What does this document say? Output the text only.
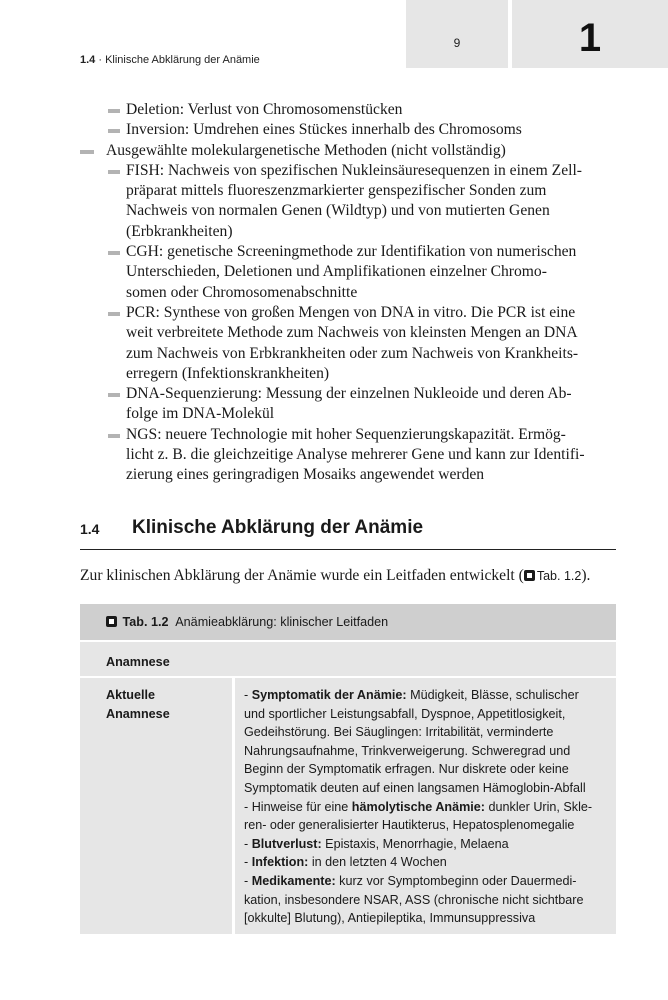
9	1
1.4 · Klinische Abklärung der Anämie
Deletion: Verlust von Chromosomenstücken
Inversion: Umdrehen eines Stückes innerhalb des Chromosoms
Ausgewählte molekulargenetische Methoden (nicht vollständig)
FISH: Nachweis von spezifischen Nukleinsäuresequenzen in einem Zell-
präparat mittels fluoreszenzmarkierter genspezifischer Sonden zum
Nachweis von normalen Genen (Wildtyp) und von mutierten Genen
(Erbkrankheiten)
CGH: genetische Screeningmethode zur Identifikation von numerischen
Unterschieden, Deletionen und Amplifikationen einzelner Chromo-
somen oder Chromosomenabschnitte
PCR: Synthese von großen Mengen von DNA in vitro. Die PCR ist eine
weit verbreitete Methode zum Nachweis von kleinsten Mengen an DNA
zum Nachweis von Erbkrankheiten oder zum Nachweis von Krankheits-
erregern (Infektionskrankheiten)
DNA-Sequenzierung: Messung der einzelnen Nukleoide und deren Ab-
folge im DNA-Molekül
NGS: neuere Technologie mit hoher Sequenzierungskapazität. Ermög-
licht z. B. die gleichzeitige Analyse mehrerer Gene und kann zur Identifi-
zierung eines geringradigen Mosaiks angewendet werden
1.4 Klinische Abklärung der Anämie
Zur klinischen Abklärung der Anämie wurde ein Leitfaden entwickelt ( Tab. 1.2).
Tab. 1.2 Anämieabklärung: klinischer Leitfaden
Anamnese
Aktuelle
Anamnese
- Symptomatik der Anämie: Müdigkeit, Blässe, schulischer
und sportlicher Leistungsabfall, Dyspnoe, Appetitlosigkeit,
Gedeihstörung. Bei Säuglingen: Irritabilität, verminderte
Nahrungsaufnahme, Trinkverweigerung. Schweregrad und
Beginn der Symptomatik erfragen. Nur diskrete oder keine
Symptomatik deuten auf einen langsamen Hämoglobin-Abfall
- Hinweise für eine hämolytische Anämie: dunkler Urin, Skle-
ren- oder generalisierter Hautikterus, Hepatosplenomegalie
- Blutverlust: Epistaxis, Menorrhagie, Melaena
- Infektion: in den letzten 4 Wochen
- Medikamente: kurz vor Symptombeginn oder Dauermedi-
kation, insbesondere NSAR, ASS (chronische nicht sichtbare
[okkulte] Blutung), Antiepileptika, Immunsuppressiva
